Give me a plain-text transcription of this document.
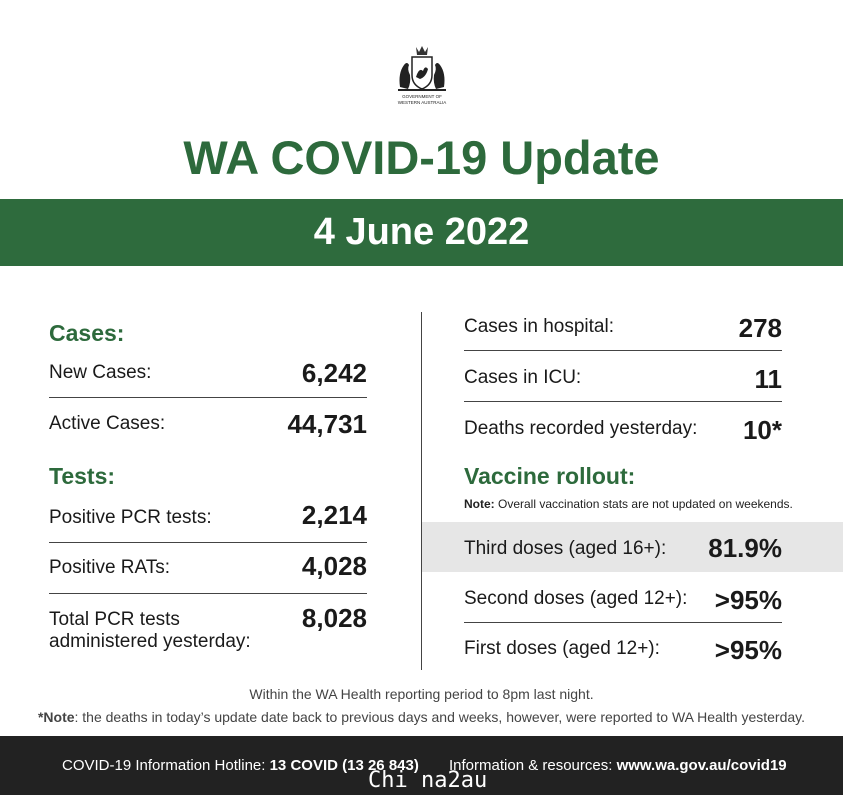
GOVERNMENT OF
WESTERN AUSTRALIA
WA COVID-19 Update
4 June 2022
Cases:
New Cases:	6,242
Active Cases:	44,731
Tests:
Positive PCR tests:	2,214
Positive RATs:	4,028
Total PCR tests
administered yesterday:
8,028
Cases in hospital:	278
Cases in ICU:	11
Deaths recorded yesterday:	10*
Vaccine rollout:
Note: Overall vaccination stats are not updated on weekends.
Third doses (aged 16+):	81.9%
Second doses (aged 12+):	>95%
First doses (aged 12+):	>95%
Within the WA Health reporting period to 8pm last night.
*Note: the deaths in today’s update date back to previous days and weeks, however, were reported to WA Health yesterday.
COVID-19 Information Hotline: 13 COVID (13 26 843) Information & resources: www.wa.gov.au/covid19
Chi na2au
